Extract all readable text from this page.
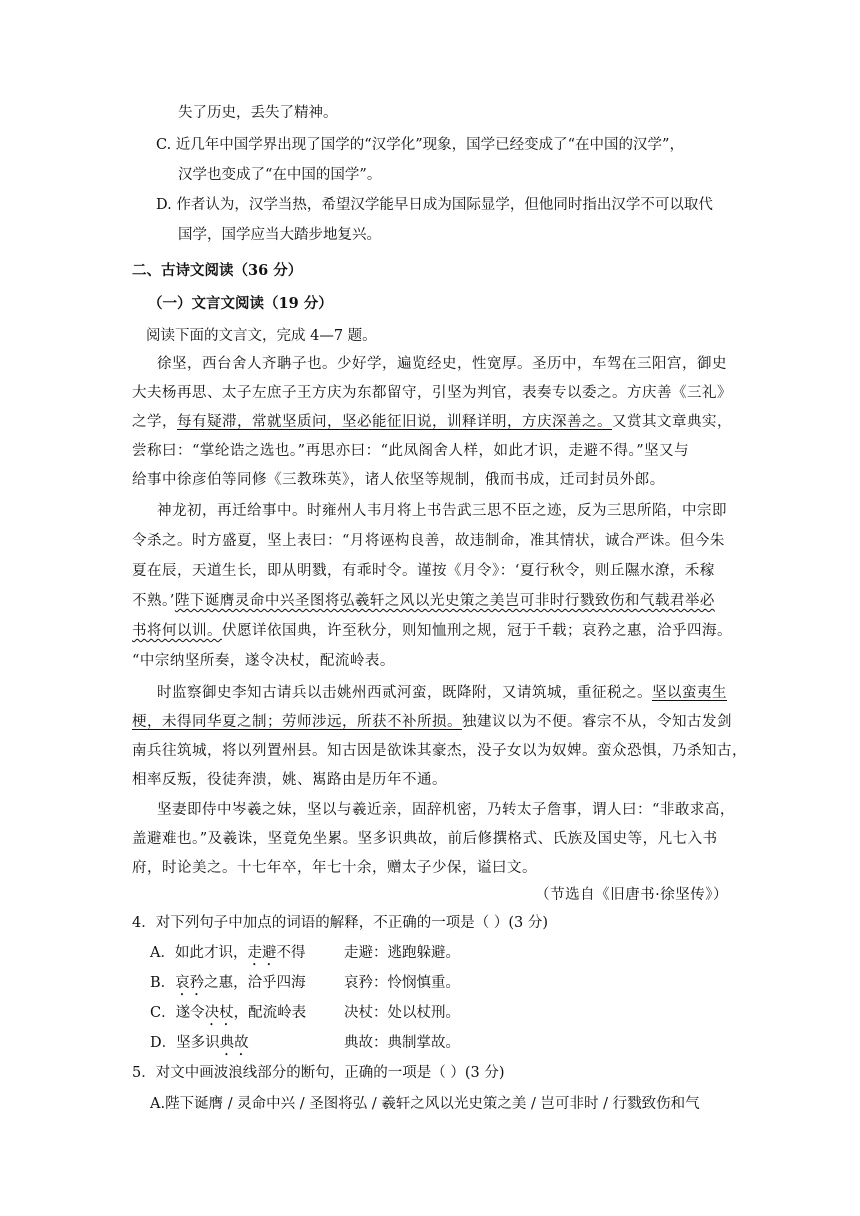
失了历史，丢失了精神。
C. 近几年中国学界出现了国学的“汉学化”现象，国学已经变成了“在中国的汉学”，
汉学也变成了“在中国的国学”。
D. 作者认为，汉学当热，希望汉学能早日成为国际显学，但他同时指出汉学不可以取代
国学，国学应当大踏步地复兴。
二、古诗文阅读（36 分）
（一）文言文阅读（19 分）
阅读下面的文言文，完成 4—7 题。
徐坚，西台舍人齐聃子也。少好学，遍览经史，性宽厚。圣历中，车驾在三阳宫，御史
大夫杨再思、太子左庶子王方庆为东都留守，引坚为判官，表奏专以委之。方庆善《三礼》
之学，每有疑滞，常就坚质问，坚必能征旧说，训释详明，方庆深善之。又赏其文章典实，
尝称曰：“掌纶诰之选也。”再思亦曰：“此凤阁舍人样，如此才识，走避不得。”坚又与
给事中徐彦伯等同修《三教珠英》，诸人依坚等规制，俄而书成，迁司封员外郎。
神龙初，再迁给事中。时雍州人韦月将上书告武三思不臣之迹，反为三思所陷，中宗即
令杀之。时方盛夏，坚上表曰：“月将诬构良善，故违制命，准其情状，诚合严诛。但今朱
夏在辰，天道生长，即从明戮，有乖时令。谨按《月令》：‘夏行秋令，则丘隰水潦，禾稼
不熟。’陛下诞膺灵命中兴圣图将弘羲轩之风以光史策之美岂可非时行戮致伤和气载君举必
书将何以训。伏愿详依国典，许至秋分，则知恤刑之规，冠于千载；哀矜之惠，洽乎四海。
“中宗纳坚所奏，遂令决杖，配流岭表。
时监察御史李知古请兵以击姚州西贰河蛮，既降附，又请筑城，重征税之。坚以蛮夷生
梗，未得同华夏之制；劳师涉远，所获不补所损。独建议以为不便。睿宗不从，令知古发剑
南兵往筑城，将以列置州县。知古因是欲诛其豪杰，没子女以为奴婢。蛮众恐惧，乃杀知古，
相率反叛，役徒奔溃，姚、嶲路由是历年不通。
坚妻即侍中岑羲之妹，坚以与羲近亲，固辞机密，乃转太子詹事，谓人曰：“非敢求高，
盖避难也。”及羲诛，坚竟免坐累。坚多识典故，前后修撰格式、氏族及国史等，凡七入书
府，时论美之。十七年卒，年七十余，赠太子少保，谥曰文。
（节选自《旧唐书·徐坚传》）
4．对下列句子中加点的词语的解释，不正确的一项是（ ）(3 分)
A．如此才识，走避不得	走避：逃跑躲避。
B．哀矜之惠，洽乎四海	哀矜：怜悯慎重。
C．遂令决杖，配流岭表	决杖：处以杖刑。
D．坚多识典故	典故：典制掌故。
5．对文中画波浪线部分的断句，正确的一项是（ ）(3 分)
A.陛下诞膺 / 灵命中兴 / 圣图将弘 / 羲轩之风以光史策之美 / 岂可非时 / 行戮致伤和气
